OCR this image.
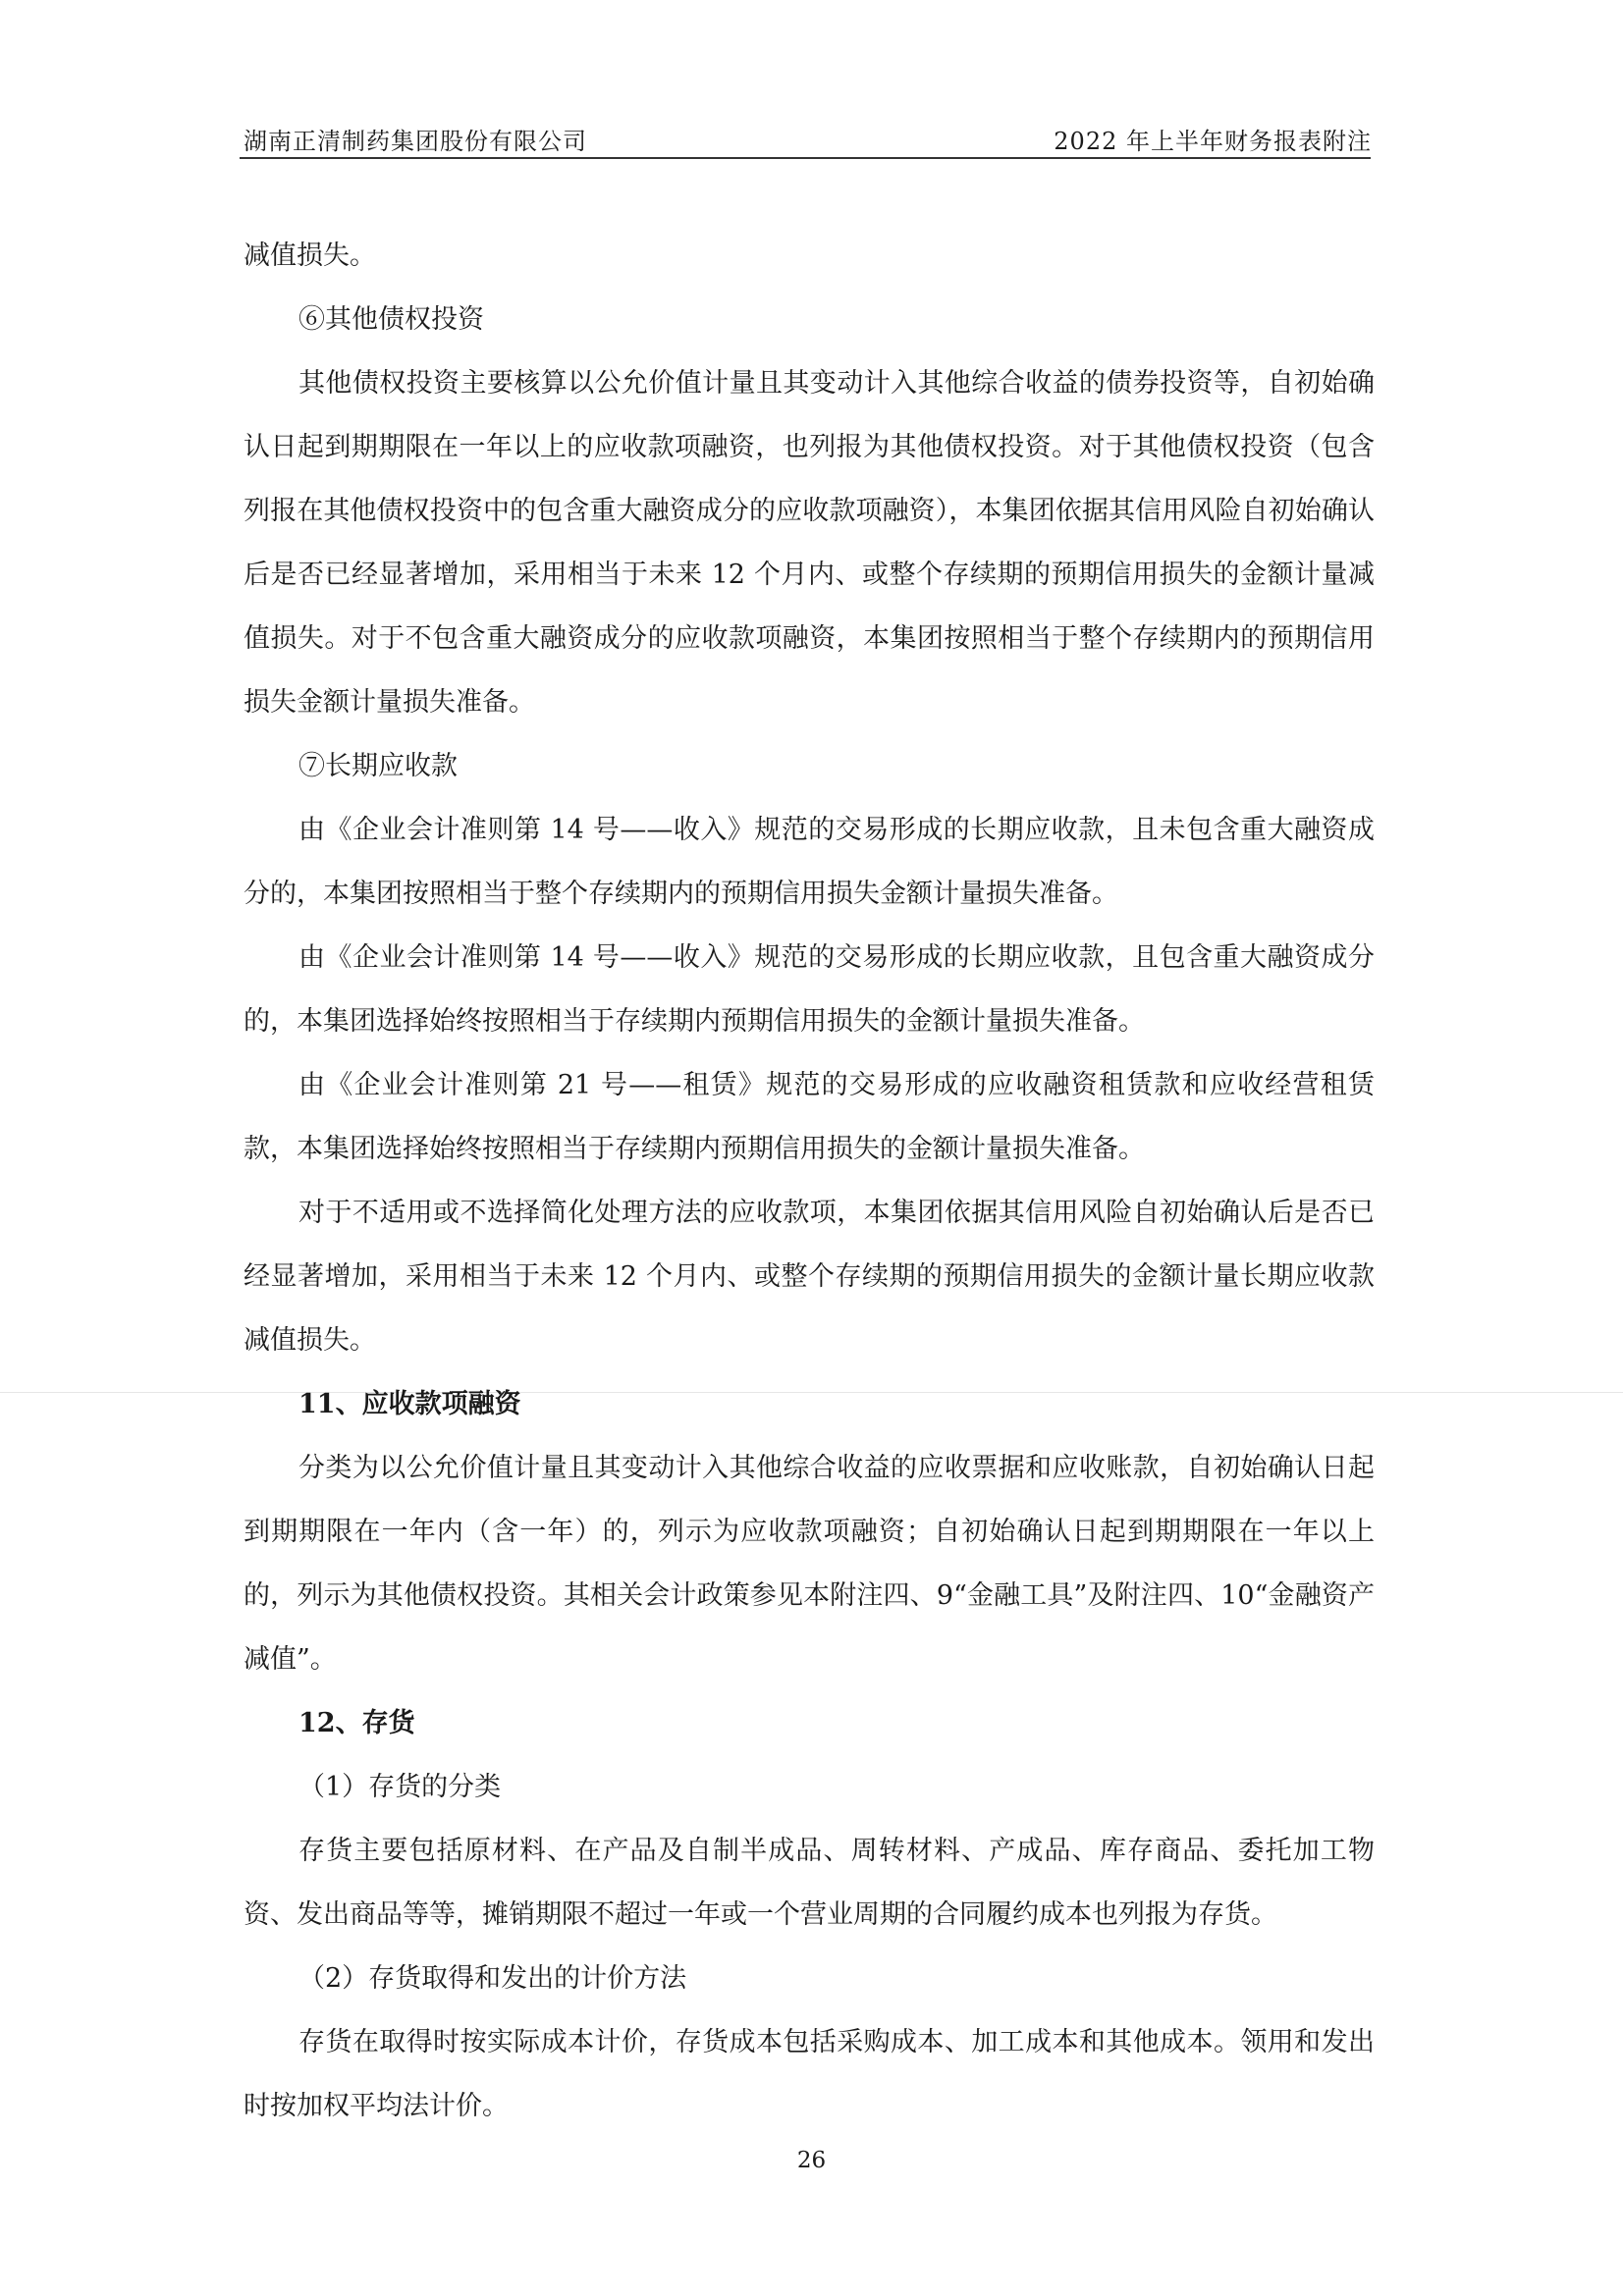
湖南正清制药集团股份有限公司	2022 年上半年财务报表附注

减值损失。

⑥其他债权投资

其他债权投资主要核算以公允价值计量且其变动计入其他综合收益的债券投资等，自初始确认日起到期期限在一年以上的应收款项融资，也列报为其他债权投资。对于其他债权投资（包含列报在其他债权投资中的包含重大融资成分的应收款项融资），本集团依据其信用风险自初始确认后是否已经显著增加，采用相当于未来 12 个月内、或整个存续期的预期信用损失的金额计量减值损失。对于不包含重大融资成分的应收款项融资，本集团按照相当于整个存续期内的预期信用损失金额计量损失准备。

⑦长期应收款

由《企业会计准则第 14 号——收入》规范的交易形成的长期应收款，且未包含重大融资成分的，本集团按照相当于整个存续期内的预期信用损失金额计量损失准备。

由《企业会计准则第 14 号——收入》规范的交易形成的长期应收款，且包含重大融资成分的，本集团选择始终按照相当于存续期内预期信用损失的金额计量损失准备。

由《企业会计准则第 21 号——租赁》规范的交易形成的应收融资租赁款和应收经营租赁款，本集团选择始终按照相当于存续期内预期信用损失的金额计量损失准备。

对于不适用或不选择简化处理方法的应收款项，本集团依据其信用风险自初始确认后是否已经显著增加，采用相当于未来 12 个月内、或整个存续期的预期信用损失的金额计量长期应收款减值损失。

11、应收款项融资

分类为以公允价值计量且其变动计入其他综合收益的应收票据和应收账款，自初始确认日起到期期限在一年内（含一年）的，列示为应收款项融资；自初始确认日起到期期限在一年以上的，列示为其他债权投资。其相关会计政策参见本附注四、9“金融工具”及附注四、10“金融资产减值”。

12、存货

（1）存货的分类

存货主要包括原材料、在产品及自制半成品、周转材料、产成品、库存商品、委托加工物资、发出商品等等，摊销期限不超过一年或一个营业周期的合同履约成本也列报为存货。

（2）存货取得和发出的计价方法

存货在取得时按实际成本计价，存货成本包括采购成本、加工成本和其他成本。领用和发出时按加权平均法计价。

26
